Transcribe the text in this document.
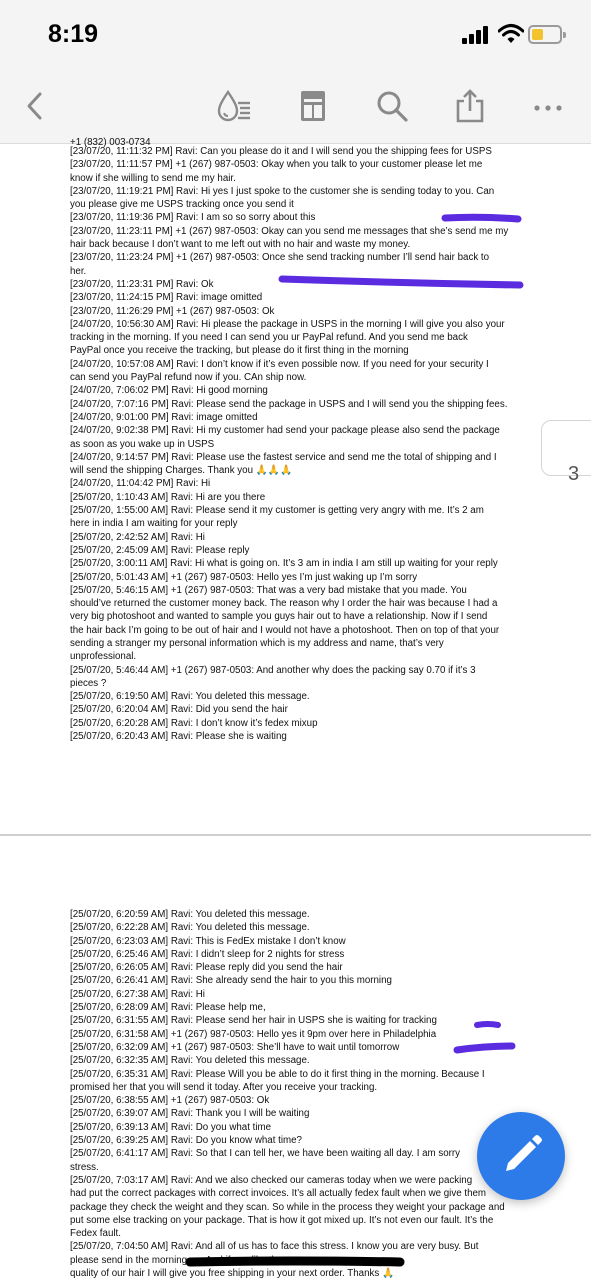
8:19
+1 (832) 003-0734
[23/07/20, 11:11:32 PM] Ravi: Can you please do it and I will send you the shipping fees for USPS
[23/07/20, 11:11:57 PM] +1 (267) 987-0503: Okay when you talk to your customer please let me
know if she willing to send me my hair.
[23/07/20, 11:19:21 PM] Ravi: Hi yes I just spoke to the customer she is sending today to you. Can
you please give me USPS tracking once you send it
[23/07/20, 11:19:36 PM] Ravi: I am so so sorry about this
[23/07/20, 11:23:11 PM] +1 (267) 987-0503: Okay can you send me messages that she’s send me my
hair back because I don’t want to me left out with no hair and waste my money.
[23/07/20, 11:23:24 PM] +1 (267) 987-0503: Once she send tracking number I’ll send hair back to
her.
[23/07/20, 11:23:31 PM] Ravi: Ok
[23/07/20, 11:24:15 PM] Ravi: image omitted
[23/07/20, 11:26:29 PM] +1 (267) 987-0503: Ok
[24/07/20, 10:56:30 AM] Ravi: Hi please the package in USPS in the morning I will give you also your
tracking in the morning. If you need I can send you ur PayPal refund. And you send me back
PayPal once you receive the tracking, but please do it first thing in the morning
[24/07/20, 10:57:08 AM] Ravi: I don’t know if it’s even possible now. If you need for your security I
can send you PayPal refund now if you. CAn ship now.
[24/07/20, 7:06:02 PM] Ravi: Hi good morning
[24/07/20, 7:07:16 PM] Ravi: Please send the package in USPS and I will send you the shipping fees.
[24/07/20, 9:01:00 PM] Ravi: image omitted
[24/07/20, 9:02:38 PM] Ravi: Hi my customer had send your package please also send the package
as soon as you wake up in USPS
[24/07/20, 9:14:57 PM] Ravi: Please use the fastest service and send me the total of shipping and I
will send the shipping Charges. Thank you 🙏🙏🙏
[24/07/20, 11:04:42 PM] Ravi: Hi
[25/07/20, 1:10:43 AM] Ravi: Hi are you there
[25/07/20, 1:55:00 AM] Ravi: Please send it my customer is getting very angry with me. It’s 2 am
here in india I am waiting for your reply
[25/07/20, 2:42:52 AM] Ravi: Hi
[25/07/20, 2:45:09 AM] Ravi: Please reply
[25/07/20, 3:00:11 AM] Ravi: Hi what is going on. It’s 3 am in india I am still up waiting for your reply
[25/07/20, 5:01:43 AM] +1 (267) 987-0503: Hello yes I’m just waking up I’m sorry
[25/07/20, 5:46:15 AM] +1 (267) 987-0503: That was a very bad mistake that you made. You
should’ve returned the customer money back. The reason why I order the hair was because I had a
very big photoshoot and wanted to sample you guys hair out to have a relationship. Now if I send
the hair back I’m going to be out of hair and I would not have a photoshoot. Then on top of that your
sending a stranger my personal information which is my address and name, that’s very
unprofessional.
[25/07/20, 5:46:44 AM] +1 (267) 987-0503: And another why does the packing say 0.70 if it’s 3
pieces ?
[25/07/20, 6:19:50 AM] Ravi: You deleted this message.
[25/07/20, 6:20:04 AM] Ravi: Did you send the hair
[25/07/20, 6:20:28 AM] Ravi: I don’t know it’s fedex mixup
[25/07/20, 6:20:43 AM] Ravi: Please she is waiting
[25/07/20, 6:20:59 AM] Ravi: You deleted this message.
[25/07/20, 6:22:28 AM] Ravi: You deleted this message.
[25/07/20, 6:23:03 AM] Ravi: This is FedEx mistake I don’t know
[25/07/20, 6:25:46 AM] Ravi: I didn’t sleep for 2 nights for stress
[25/07/20, 6:26:05 AM] Ravi: Please reply did you send the hair
[25/07/20, 6:26:41 AM] Ravi: She already send the hair to you this morning
[25/07/20, 6:27:38 AM] Ravi: Hi
[25/07/20, 6:28:09 AM] Ravi: Please help me,
[25/07/20, 6:31:55 AM] Ravi: Please send her hair in USPS she is waiting for tracking
[25/07/20, 6:31:58 AM] +1 (267) 987-0503: Hello yes it 9pm over here in Philadelphia
[25/07/20, 6:32:09 AM] +1 (267) 987-0503: She’ll have to wait until tomorrow
[25/07/20, 6:32:35 AM] Ravi: You deleted this message.
[25/07/20, 6:35:31 AM] Ravi: Please Will you be able to do it first thing in the morning. Because I
promised her that you will send it today. After you receive your tracking.
[25/07/20, 6:38:55 AM] +1 (267) 987-0503: Ok
[25/07/20, 6:39:07 AM] Ravi: Thank you I will be waiting
[25/07/20, 6:39:13 AM] Ravi: Do you what time
[25/07/20, 6:39:25 AM] Ravi: Do you know what time?
[25/07/20, 6:41:17 AM] Ravi: So that I can tell her, we have been waiting all day. I am sorry
stress.
[25/07/20, 7:03:17 AM] Ravi: And we also checked our cameras today when we were packing
had put the correct packages with correct invoices. It’s all actually fedex fault when we give them
package they check the weight and they scan. So while in the process they weight your package and
put some else tracking on your package. That is how it got mixed up. It’s not even our fault. It’s the
Fedex fault.
[25/07/20, 7:04:50 AM] Ravi: And all of us has to face this stress. I know you are very busy. But
please send in the morning ou. And if you like the
quality of our hair I will give you free shipping in your next order. Thanks 🙏
3
